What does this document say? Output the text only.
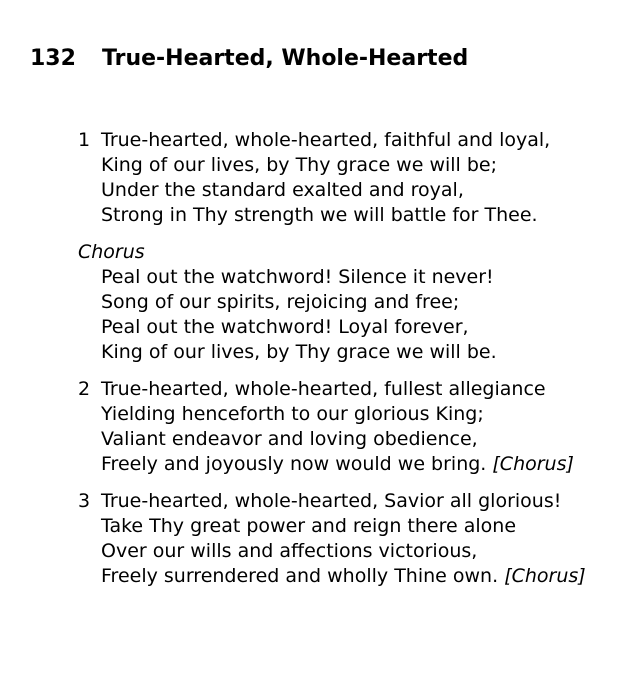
132 True-Hearted, Whole-Hearted
1 True-hearted, whole-hearted, faithful and loyal,
King of our lives, by Thy grace we will be;
Under the standard exalted and royal,
Strong in Thy strength we will battle for Thee.
Chorus
Peal out the watchword! Silence it never!
Song of our spirits, rejoicing and free;
Peal out the watchword! Loyal forever,
King of our lives, by Thy grace we will be.
2 True-hearted, whole-hearted, fullest allegiance
Yielding henceforth to our glorious King;
Valiant endeavor and loving obedience,
Freely and joyously now would we bring. [Chorus]
3 True-hearted, whole-hearted, Savior all glorious!
Take Thy great power and reign there alone
Over our wills and affections victorious,
Freely surrendered and wholly Thine own. [Chorus]
